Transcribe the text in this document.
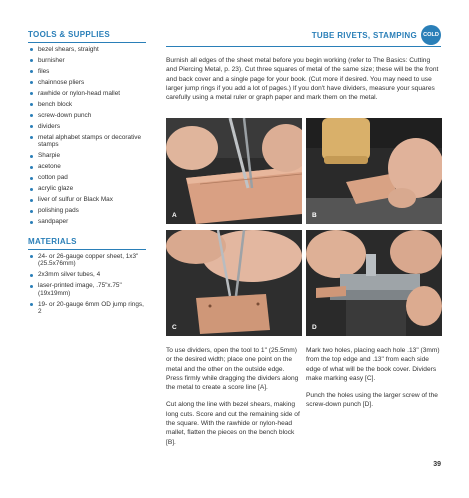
TOOLS & SUPPLIES
bezel shears, straight
burnisher
files
chainnose pliers
rawhide or nylon-head mallet
bench block
screw-down punch
dividers
metal alphabet stamps or decorative stamps
Sharpie
acetone
cotton pad
acrylic glaze
liver of sulfur or Black Max
polishing pads
sandpaper
MATERIALS
24- or 26-gauge copper sheet, 1x3" (25.5x76mm)
2x3mm silver tubes, 4
laser-printed image, .75"x.75" (19x19mm)
19- or 20-gauge 6mm OD jump rings, 2
TUBE RIVETS, STAMPING	COLD

Burnish all edges of the sheet metal before you begin working (refer to The Basics: Cutting and Piercing Metal, p. 23). Cut three squares of metal of the same size; these will be the front and back cover and a single page for your book. (Cut more if desired. You may need to use larger jump rings if you add a lot of pages.) If you don't have dividers, measure your squares carefully using a metal ruler or graph paper and mark them on the metal.

A	B
C	D

To use dividers, open the tool to 1" (25.5mm) or the desired width; place one point on the metal and the other on the outside edge. Press firmly while dragging the dividers along the metal to create a score line [A].

Cut along the line with bezel shears, making long cuts. Score and cut the remaining side of the square. With the rawhide or nylon-head mallet, flatten the pieces on the bench block [B].

Mark two holes, placing each hole .13" (3mm) from the top edge and .13" from each side edge of what will be the book cover. Dividers make marking easy [C].

Punch the holes using the larger screw of the screw-down punch [D].

39
